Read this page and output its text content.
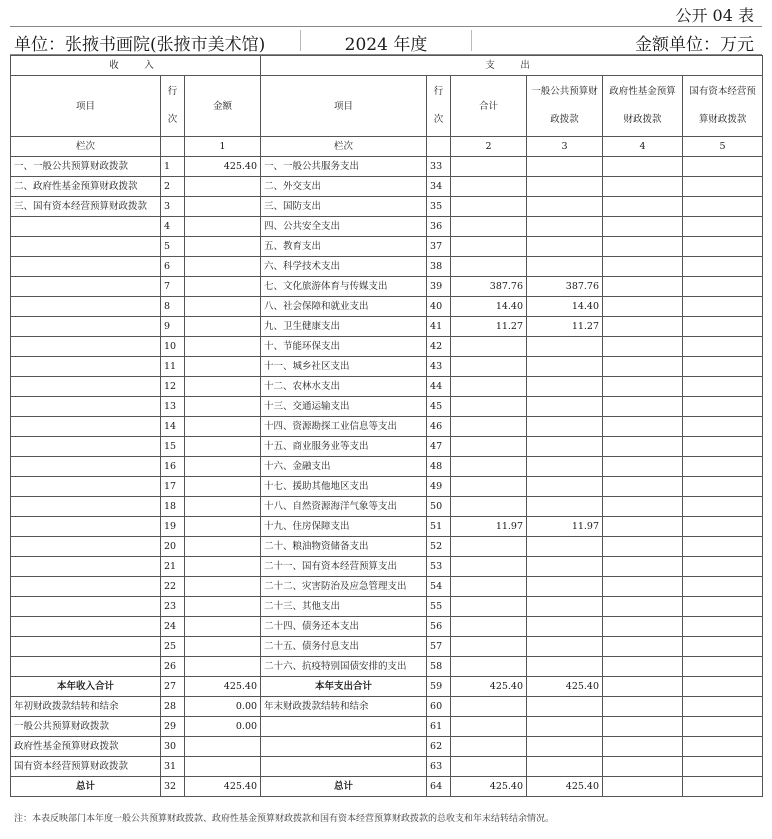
公开 04 表
单位：张掖书画院(张掖市美术馆)	2024 年度	金额单位：万元
收　入			支　出					
项目	行次	金额	项目	行次	合计	一般公共预算财政拨款	政府性基金预算财政拨款	国有资本经营预算财政拨款
栏次		1	栏次		2	3	4	5
一、一般公共预算财政拨款	1	425.40	一、一般公共服务支出	33				
二、政府性基金预算财政拨款	2		二、外交支出	34				
三、国有资本经营预算财政拨款	3		三、国防支出	35				
	4		四、公共安全支出	36				
	5		五、教育支出	37				
	6		六、科学技术支出	38				
	7		七、文化旅游体育与传媒支出	39	387.76	387.76		
	8		八、社会保障和就业支出	40	14.40	14.40		
	9		九、卫生健康支出	41	11.27	11.27		
	10		十、节能环保支出	42				
	11		十一、城乡社区支出	43				
	12		十二、农林水支出	44				
	13		十三、交通运输支出	45				
	14		十四、资源勘探工业信息等支出	46				
	15		十五、商业服务业等支出	47				
	16		十六、金融支出	48				
	17		十七、援助其他地区支出	49				
	18		十八、自然资源海洋气象等支出	50				
	19		十九、住房保障支出	51	11.97	11.97		
	20		二十、粮油物资储备支出	52				
	21		二十一、国有资本经营预算支出	53				
	22		二十二、灾害防治及应急管理支出	54				
	23		二十三、其他支出	55				
	24		二十四、债务还本支出	56				
	25		二十五、债务付息支出	57				
	26		二十六、抗疫特别国债安排的支出	58				
本年收入合计	27	425.40	本年支出合计	59	425.40	425.40		
年初财政拨款结转和结余	28	0.00	年末财政拨款结转和结余	60				
一般公共预算财政拨款	29	0.00		61				
政府性基金预算财政拨款	30			62				
国有资本经营预算财政拨款	31			63				
总计	32	425.40	总计	64	425.40	425.40		
注：本表反映部门本年度一般公共预算财政拨款、政府性基金预算财政拨款和国有资本经营预算财政拨款的总收支和年末结转结余情况。
